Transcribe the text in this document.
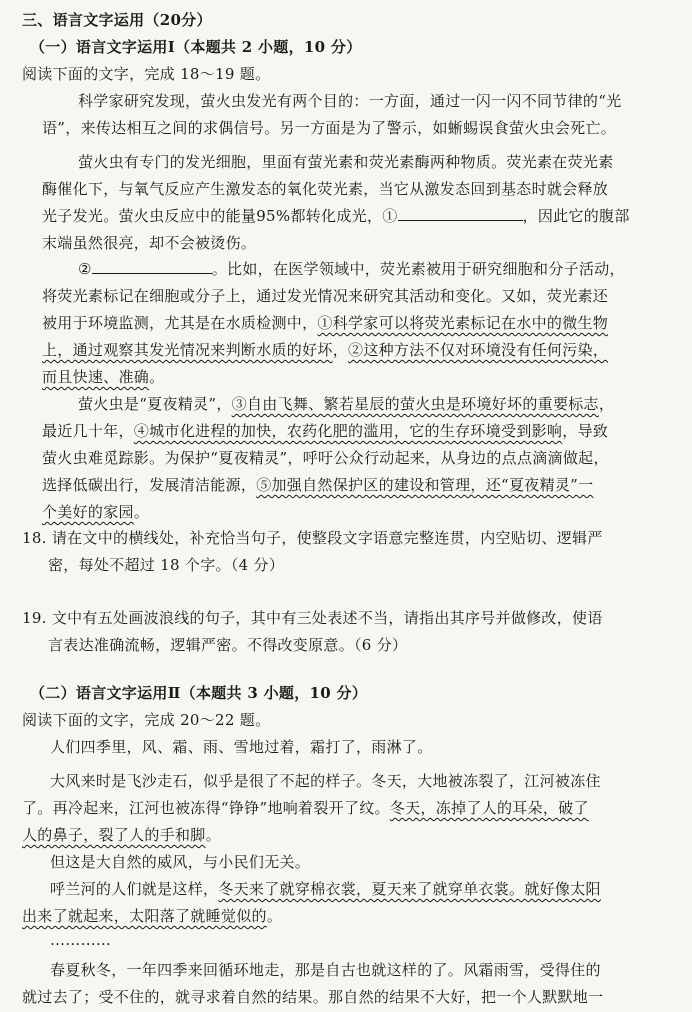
三、语言文字运用（20分）
（一）语言文字运用Ⅰ（本题共 2 小题，10 分）
阅读下面的文字，完成 18～19 题。
科学家研究发现，萤火虫发光有两个目的：一方面，通过一闪一闪不同节律的“光
语”，来传达相互之间的求偶信号。另一方面是为了警示，如蜥蜴误食萤火虫会死亡。
萤火虫有专门的发光细胞，里面有萤光素和荧光素酶两种物质。荧光素在荧光素
酶催化下，与氧气反应产生激发态的氧化荧光素，当它从激发态回到基态时就会释放
光子发光。萤火虫反应中的能量95%都转化成光，①	，因此它的腹部
末端虽然很亮，却不会被烫伤。
②	。比如，在医学领域中，荧光素被用于研究细胞和分子活动，
将荧光素标记在细胞或分子上，通过发光情况来研究其活动和变化。又如，荧光素还
被用于环境监测，尤其是在水质检测中，①科学家可以将荧光素标记在水中的微生物
上，通过观察其发光情况来判断水质的好坏，②这种方法不仅对环境没有任何污染，
而且快速、准确。
萤火虫是“夏夜精灵”，③自由飞舞、繁若星辰的萤火虫是环境好坏的重要标志，
最近几十年，④城市化进程的加快，农药化肥的滥用，它的生存环境受到影响，导致
萤火虫难觅踪影。为保护“夏夜精灵”，呼吁公众行动起来，从身边的点点滴滴做起，
选择低碳出行，发展清洁能源，⑤加强自然保护区的建设和管理，还“夏夜精灵”一
个美好的家园。
18. 请在文中的横线处，补充恰当句子，使整段文字语意完整连贯，内空贴切、逻辑严
密，每处不超过 18 个字。（4 分）
19. 文中有五处画波浪线的句子，其中有三处表述不当，请指出其序号并做修改，使语
言表达准确流畅，逻辑严密。不得改变原意。（6 分）
（二）语言文字运用Ⅱ（本题共 3 小题，10 分）
阅读下面的文字，完成 20～22 题。
人们四季里，风、霜、雨、雪地过着，霜打了，雨淋了。
大风来时是飞沙走石，似乎是很了不起的样子。冬天，大地被冻裂了，江河被冻住
了。再冷起来，江河也被冻得“铮铮”地响着裂开了纹。冬天，冻掉了人的耳朵，破了
人的鼻子，裂了人的手和脚。
但这是大自然的威风，与小民们无关。
呼兰河的人们就是这样，冬天来了就穿棉衣裳，夏天来了就穿单衣裳。就好像太阳
出来了就起来，太阳落了就睡觉似的。
…………
春夏秋冬，一年四季来回循环地走，那是自古也就这样的了。风霜雨雪，受得住的
就过去了；受不住的，就寻求着自然的结果。那自然的结果不大好，把一个人默默地一
